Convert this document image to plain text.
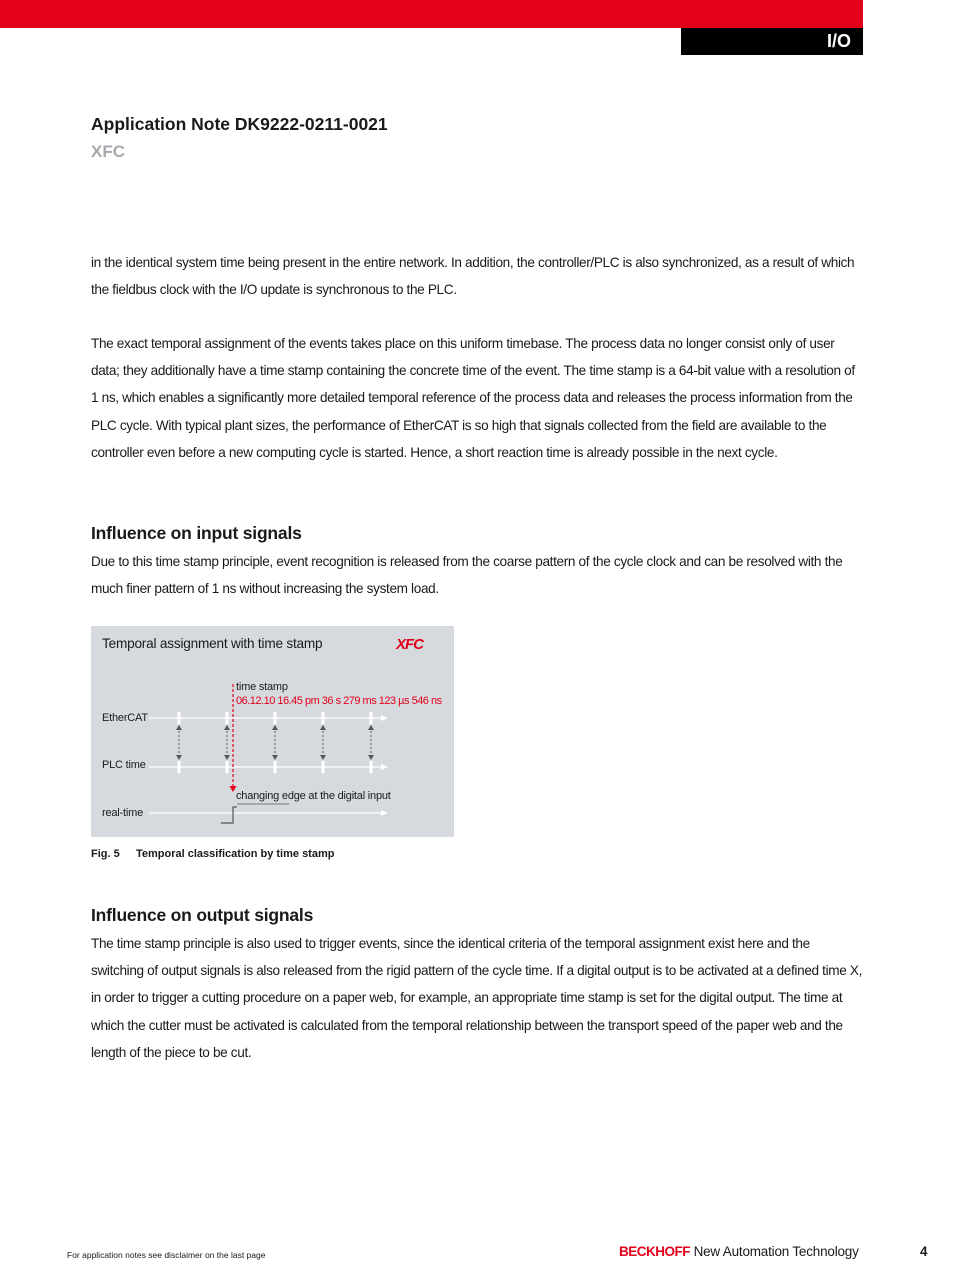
I/O
Application Note DK9222-0211-0021
XFC

in the identical system time being present in the entire network. In addition, the controller/PLC is also synchronized, as a result of which the fieldbus clock with the I/O update is synchronous to the PLC.

The exact temporal assignment of the events takes place on this uniform timebase. The process data no longer consist only of user data; they additionally have a time stamp containing the concrete time of the event. The time stamp is a 64-bit value with a resolution of 1 ns, which enables a significantly more detailed temporal reference of the process data and releases the process information from the PLC cycle. With typical plant sizes, the performance of EtherCAT is so high that signals collected from the field are available to the controller even before a new computing cycle is started. Hence, a short reaction time is already possible in the next cycle.

Influence on input signals

Due to this time stamp principle, event recognition is released from the coarse pattern of the cycle clock and can be resolved with the much finer pattern of 1 ns without increasing the system load.

Temporal assignment with time stamp	XFC
time stamp
06.12.10 16.45 pm 36 s 279 ms 123 µs 546 ns
EtherCAT
PLC time
changing edge at the digital input
real-time
Fig. 5 Temporal classification by time stamp
Influence on output signals

The time stamp principle is also used to trigger events, since the identical criteria of the temporal assignment exist here and the switching of output signals is also released from the rigid pattern of the cycle time. If a digital output is to be activated at a defined time X, in order to trigger a cutting procedure on a paper web, for example, an appropriate time stamp is set for the digital output. The time at which the cutter must be activated is calculated from the temporal relationship between the transport speed of the paper web and the length of the piece to be cut.

For application notes see disclaimer on the last page	BECKHOFF New Automation Technology	4
